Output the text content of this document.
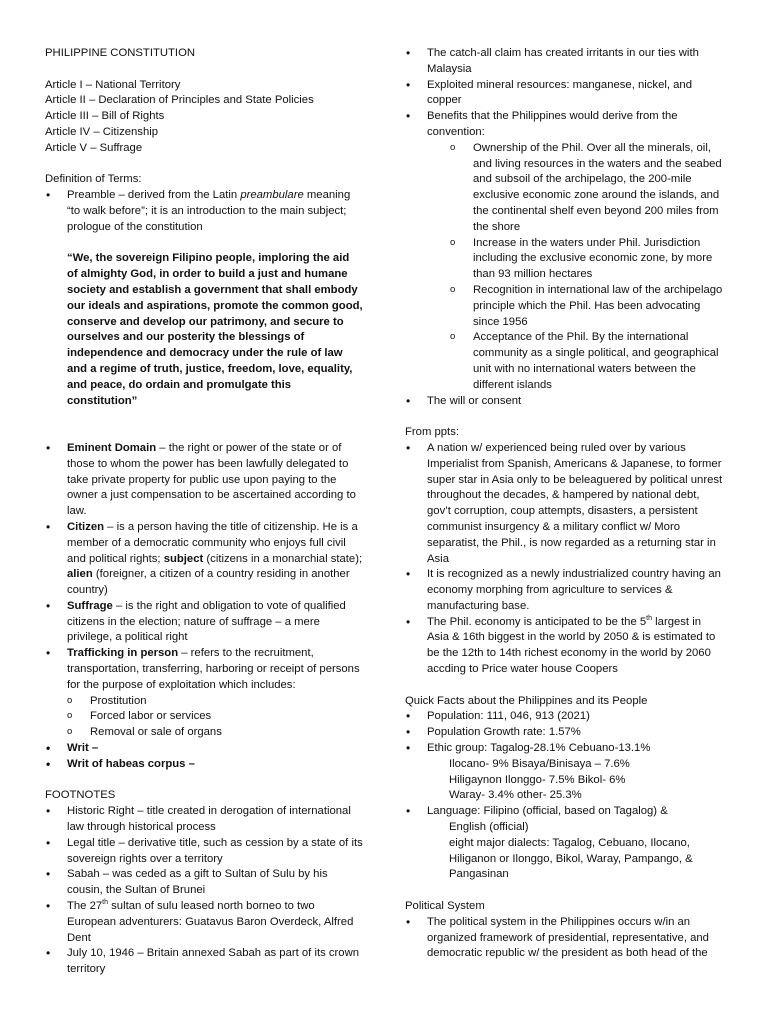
PHILIPPINE CONSTITUTION

Article I – National Territory

Article II – Declaration of Principles and State Policies

Article III – Bill of Rights

Article IV – Citizenship

Article V – Suffrage

Definition of Terms:

• Preamble – derived from the Latin preambulare meaning “to walk before”; it is an introduction to the main subject; prologue of the constitution

“We, the sovereign Filipino people, imploring the aid of almighty God, in order to build a just and humane society and establish a government that shall embody our ideals and aspirations, promote the common good, conserve and develop our patrimony, and secure to ourselves and our posterity the blessings of independence and democracy under the rule of law and a regime of truth, justice, freedom, love, equality, and peace, do ordain and promulgate this constitution”

• Eminent Domain – the right or power of the state or of those to whom the power has been lawfully delegated to take private property for public use upon paying to the owner a just compensation to be ascertained according to law.
• Citizen – is a person having the title of citizenship. He is a member of a democratic community who enjoys full civil and political rights; subject (citizens in a monarchial state); alien (foreigner, a citizen of a country residing in another country)
• Suffrage – is the right and obligation to vote of qualified citizens in the election; nature of suffrage – a mere privilege, a political right
• Trafficking in person – refers to the recruitment, transportation, transferring, harboring or receipt of persons for the purpose of exploitation which includes:
o Prostitution
o Forced labor or services
o Removal or sale of organs
• Writ –
• Writ of habeas corpus –

FOOTNOTES

• Historic Right – title created in derogation of international law through historical process
• Legal title – derivative title, such as cession by a state of its sovereign rights over a territory
• Sabah – was ceded as a gift to Sultan of Sulu by his cousin, the Sultan of Brunei
• The 27th sultan of sulu leased north borneo to two European adventurers: Guatavus Baron Overdeck, Alfred Dent
• July 10, 1946 – Britain annexed Sabah as part of its crown territory
• The catch-all claim has created irritants in our ties with Malaysia
• Exploited mineral resources: manganese, nickel, and copper
• Benefits that the Philippines would derive from the convention:
o Ownership of the Phil. Over all the minerals, oil, and living resources in the waters and the seabed and subsoil of the archipelago, the 200-mile exclusive economic zone around the islands, and the continental shelf even beyond 200 miles from the shore
o Increase in the waters under Phil. Jurisdiction including the exclusive economic zone, by more than 93 million hectares
o Recognition in international law of the archipelago principle which the Phil. Has been advocating since 1956
o Acceptance of the Phil. By the international community as a single political, and geographical unit with no international waters between the different islands
• The will or consent

From ppts:

• A nation w/ experienced being ruled over by various Imperialist from Spanish, Americans & Japanese, to former super star in Asia only to be beleaguered by political unrest throughout the decades, & hampered by national debt, gov’t corruption, coup attempts, disasters, a persistent communist insurgency & a military conflict w/ Moro separatist, the Phil., is now regarded as a returning star in Asia
• It is recognized as a newly industrialized country having an economy morphing from agriculture to services & manufacturing base.
• The Phil. economy is anticipated to be the 5th largest in Asia & 16th biggest in the world by 2050 & is estimated to be the 12th to 14th richest economy in the world by 2060 accding to Price water house Coopers

Quick Facts about the Philippines and its People

• Population: 111, 046, 913 (2021)
• Population Growth rate: 1.57%
• Ethic group: Tagalog-28.1% Cebuano-13.1%
Ilocano- 9% Bisaya/Binisaya – 7.6%
Hiligaynon Ilonggo- 7.5% Bikol- 6%
Waray- 3.4% other- 25.3%
• Language: Filipino (official, based on Tagalog) &
English (official)
eight major dialects: Tagalog, Cebuano, Ilocano, Hiliganon or Ilonggo, Bikol, Waray, Pampango, & Pangasinan

Political System

• The political system in the Philippines occurs w/in an organized framework of presidential, representative, and democratic republic w/ the president as both head of the
